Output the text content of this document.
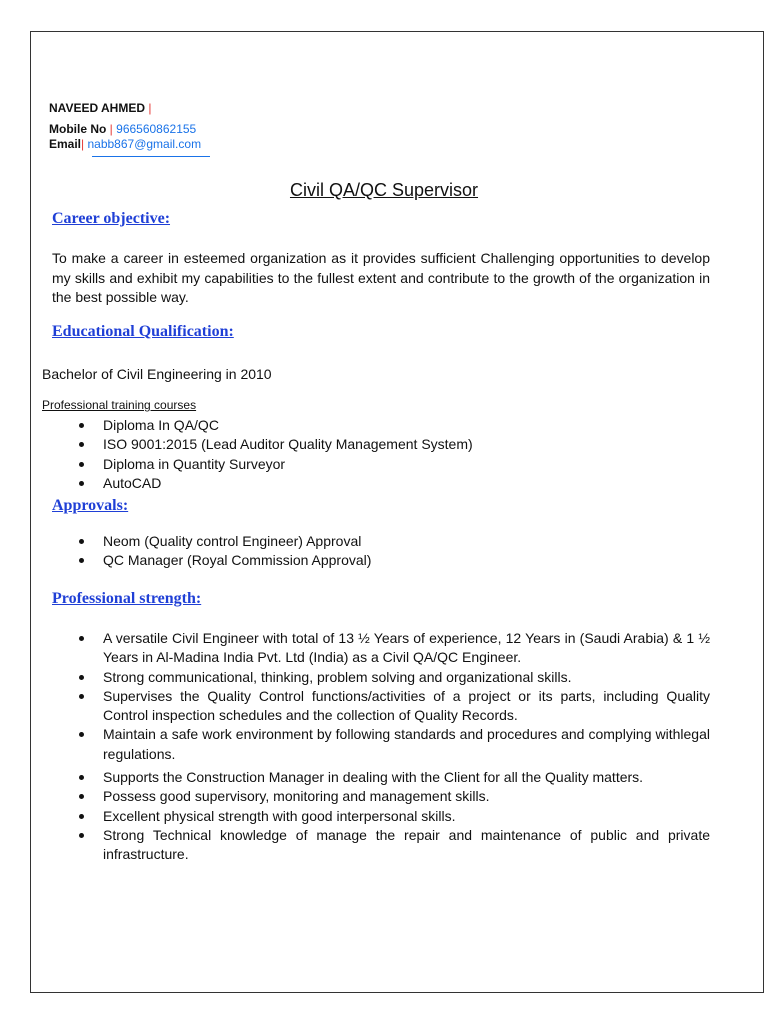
NAVEED AHMED |
Mobile No | 966560862155
Email| nabb867@gmail.com
Civil QA/QC Supervisor
Career objective:
To make a career in esteemed organization as it provides sufficient Challenging opportunities to develop my skills and exhibit my capabilities to the fullest extent and contribute to the growth of the organization in the best possible way.
Educational Qualification:
Bachelor of Civil Engineering in 2010
Professional training courses
Diploma In QA/QC
ISO 9001:2015 (Lead Auditor Quality Management System)
Diploma in Quantity Surveyor
AutoCAD
Approvals:
Neom (Quality control Engineer) Approval
QC Manager (Royal Commission Approval)
Professional strength:
A versatile Civil Engineer with total of 13 ½ Years of experience, 12 Years in (Saudi Arabia) & 1 ½ Years in Al-Madina India Pvt. Ltd (India) as a Civil QA/QC Engineer.
Strong communicational, thinking, problem solving and organizational skills.
Supervises the Quality Control functions/activities of a project or its parts, including Quality Control inspection schedules and the collection of Quality Records.
Maintain a safe work environment by following standards and procedures and complying withlegal regulations.
Supports the Construction Manager in dealing with the Client for all the Quality matters.
Possess good supervisory, monitoring and management skills.
Excellent physical strength with good interpersonal skills.
Strong Technical knowledge of manage the repair and maintenance of public and private infrastructure.
